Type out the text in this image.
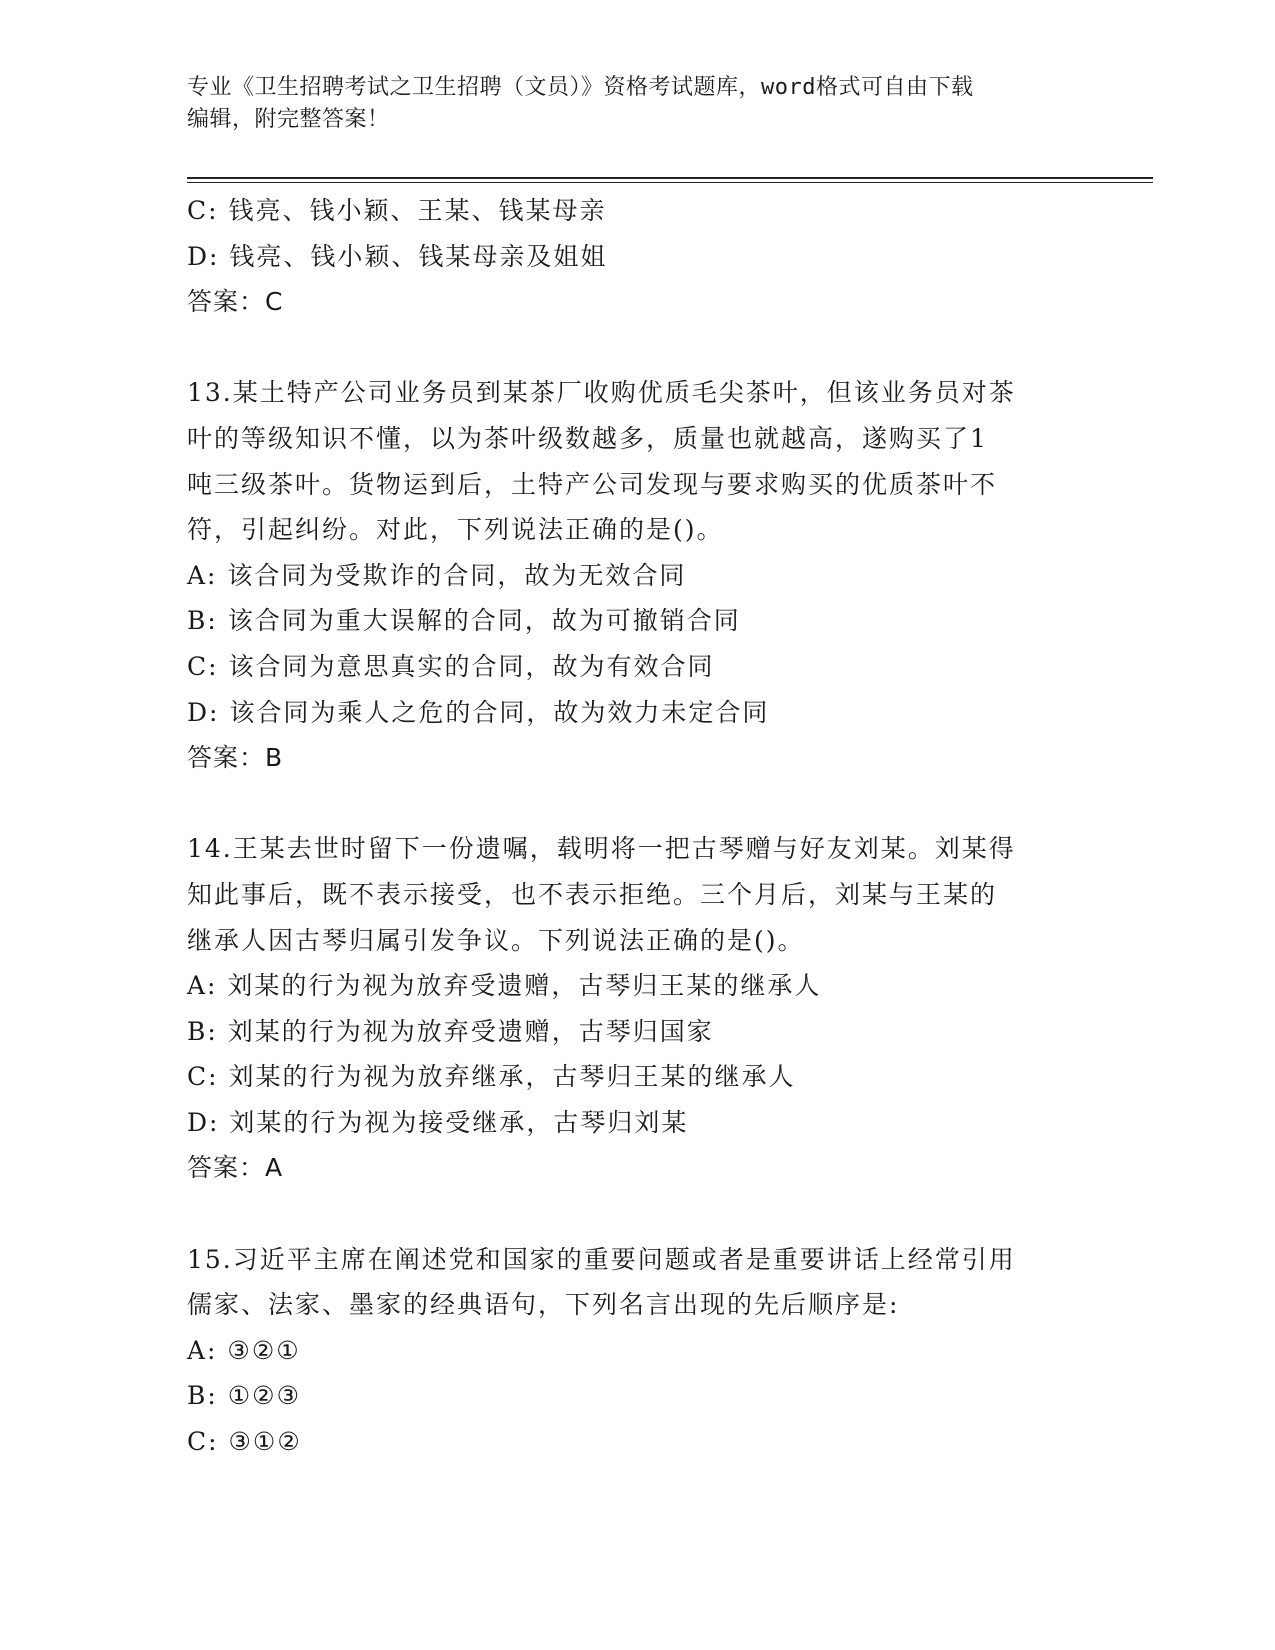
专业《卫生招聘考试之卫生招聘（文员）》资格考试题库，word格式可自由下载
编辑，附完整答案！
C: 钱亮、钱小颖、王某、钱某母亲
D: 钱亮、钱小颖、钱某母亲及姐姐
答案：C
13.某土特产公司业务员到某茶厂收购优质毛尖茶叶，但该业务员对茶
叶的等级知识不懂，以为茶叶级数越多，质量也就越高，遂购买了1
吨三级茶叶。货物运到后，土特产公司发现与要求购买的优质茶叶不
符，引起纠纷。对此，下列说法正确的是()。
A: 该合同为受欺诈的合同，故为无效合同
B: 该合同为重大误解的合同，故为可撤销合同
C: 该合同为意思真实的合同，故为有效合同
D: 该合同为乘人之危的合同，故为效力未定合同
答案：B
14.王某去世时留下一份遗嘱，载明将一把古琴赠与好友刘某。刘某得
知此事后，既不表示接受，也不表示拒绝。三个月后，刘某与王某的
继承人因古琴归属引发争议。下列说法正确的是()。
A: 刘某的行为视为放弃受遗赠，古琴归王某的继承人
B: 刘某的行为视为放弃受遗赠，古琴归国家
C: 刘某的行为视为放弃继承，古琴归王某的继承人
D: 刘某的行为视为接受继承，古琴归刘某
答案：A
15.习近平主席在阐述党和国家的重要问题或者是重要讲话上经常引用
儒家、法家、墨家的经典语句，下列名言出现的先后顺序是:
A: ③②①
B: ①②③
C: ③①②
